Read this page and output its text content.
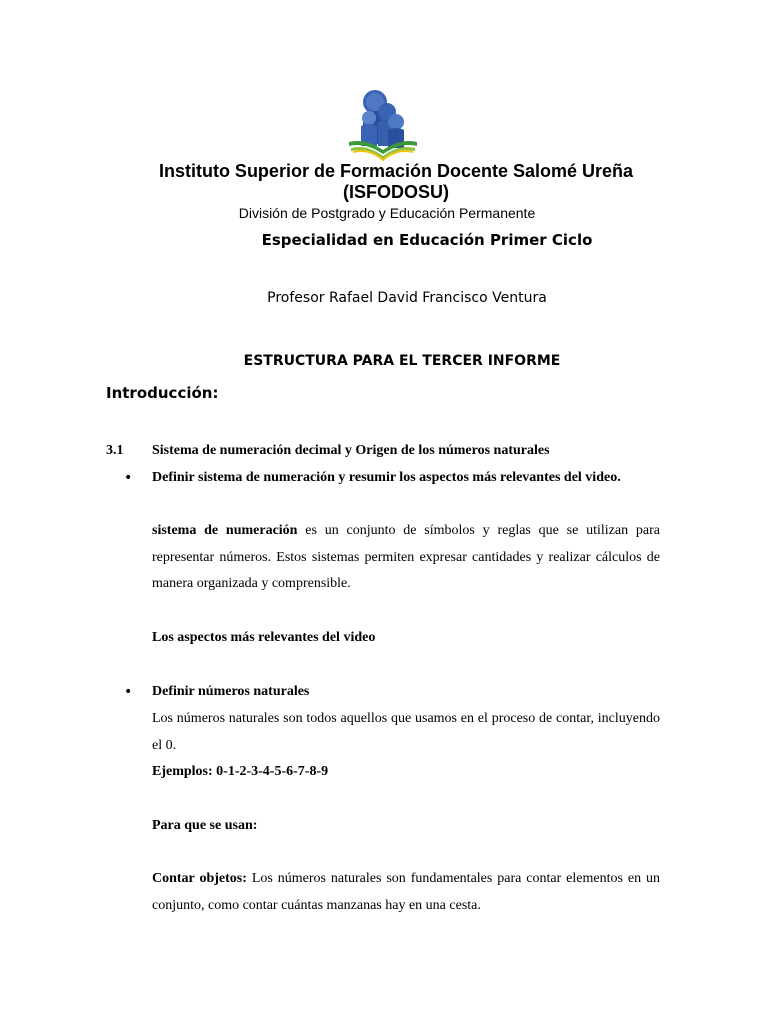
Instituto Superior de Formación Docente Salomé Ureña (ISFODOSU)
División de Postgrado y Educación Permanente
Especialidad en Educación Primer Ciclo
Profesor Rafael David Francisco Ventura
ESTRUCTURA PARA EL TERCER INFORME
Introducción:
3.1 Sistema de numeración decimal y Origen de los números naturales
• Definir sistema de numeración y resumir los aspectos más relevantes del video.
sistema de numeración es un conjunto de símbolos y reglas que se utilizan para representar números. Estos sistemas permiten expresar cantidades y realizar cálculos de manera organizada y comprensible.
Los aspectos más relevantes del video
• Definir números naturales
Los números naturales son todos aquellos que usamos en el proceso de contar, incluyendo el 0.
Ejemplos: 0-1-2-3-4-5-6-7-8-9
Para que se usan:
Contar objetos: Los números naturales son fundamentales para contar elementos en un conjunto, como contar cuántas manzanas hay en una cesta.
